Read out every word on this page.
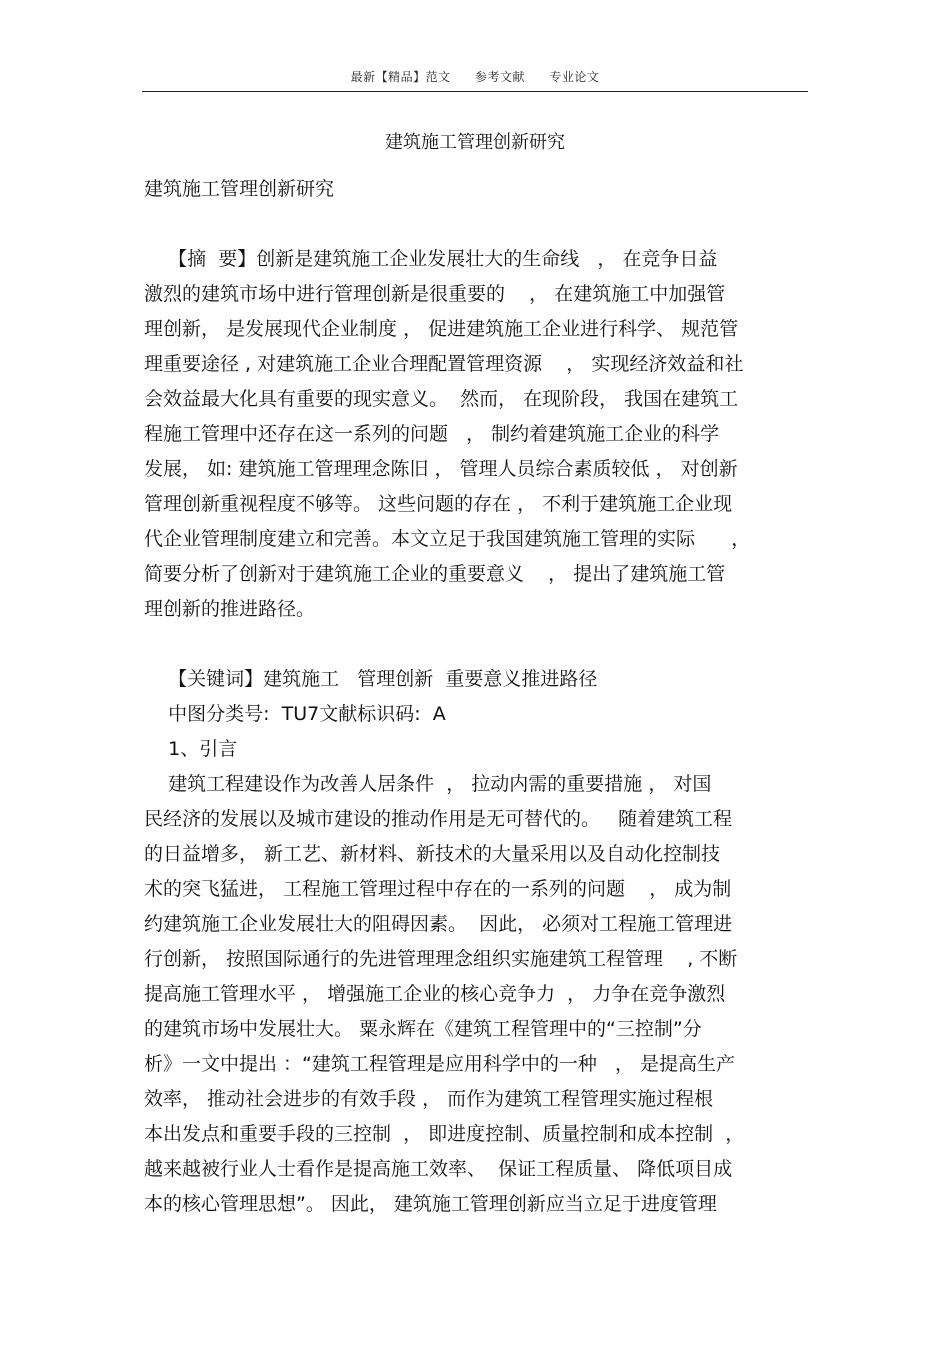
最新【精品】范文 参考文献 专业论文
建筑施工管理创新研究
建筑施工管理创新研究
【摘  要】创新是建筑施工企业发展壮大的生命线   ， 在竞争日益
激烈的建筑市场中进行管理创新是很重要的    ， 在建筑施工中加强管
理创新， 是发展现代企业制度 ， 促进建筑施工企业进行科学、 规范管
理重要途径 , 对建筑施工企业合理配置管理资源    ， 实现经济效益和社
会效益最大化具有重要的现实意义。  然而， 在现阶段， 我国在建筑工
程施工管理中还存在这一系列的问题   ， 制约着建筑施工企业的科学
发展， 如: 建筑施工管理理念陈旧 ， 管理人员综合素质较低 ， 对创新
管理创新重视程度不够等。 这些问题的存在 ， 不利于建筑施工企业现
代企业管理制度建立和完善。本文立足于我国建筑施工管理的实际      ，
简要分析了创新对于建筑施工企业的重要意义    ， 提出了建筑施工管
理创新的推进路径。
【关键词】建筑施工   管理创新  重要意义推进路径
中图分类号:  TU7文献标识码:  A
1、引言
建筑工程建设作为改善人居条件  ， 拉动内需的重要措施 ， 对国
民经济的发展以及城市建设的推动作用是无可替代的。   随着建筑工程
的日益增多， 新工艺、新材料、新技术的大量采用以及自动化控制技
术的突飞猛进， 工程施工管理过程中存在的一系列的问题    ， 成为制
约建筑施工企业发展壮大的阻碍因素。  因此， 必须对工程施工管理进
行创新， 按照国际通行的先进管理理念组织实施建筑工程管理    , 不断
提高施工管理水平 ， 增强施工企业的核心竞争力  ， 力争在竞争激烈
的建筑市场中发展壮大。 粟永辉在《建筑工程管理中的“三控制”分
析》一文中提出 ：“建筑工程管理是应用科学中的一种   ， 是提高生产
效率， 推动社会进步的有效手段 ， 而作为建筑工程管理实施过程根
本出发点和重要手段的三控制  ， 即进度控制、质量控制和成本控制  ，
越来越被行业人士看作是提高施工效率、  保证工程质量、 降低项目成
本的核心管理思想”。 因此， 建筑施工管理创新应当立足于进度管理
